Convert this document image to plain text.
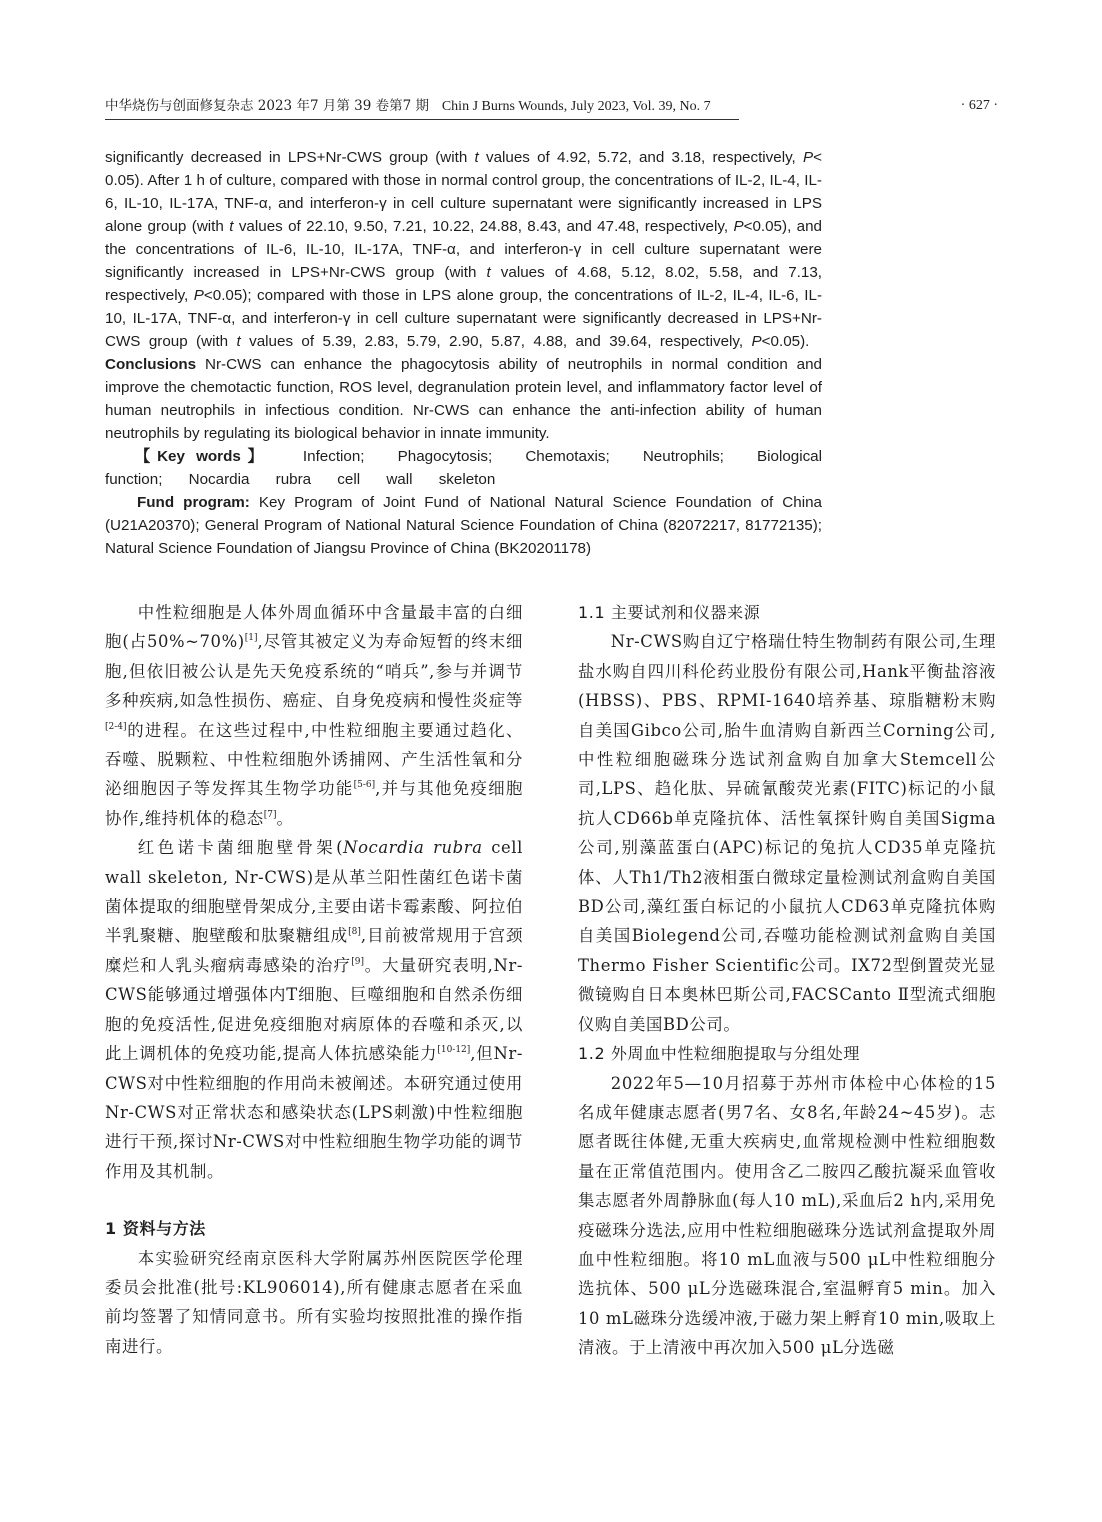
中华烧伤与创面修复杂志 2023 年7 月第 39 卷第7 期 Chin J Burns Wounds, July 2023, Vol. 39, No. 7	· 627 ·

significantly decreased in LPS+Nr-CWS group (with t values of 4.92, 5.72, and 3.18, respectively, P< 0.05). After 1 h of culture, compared with those in normal control group, the concentrations of IL-2, IL-4, IL-6, IL-10, IL-17A, TNF-α, and interferon-γ in cell culture supernatant were significantly increased in LPS alone group (with t values of 22.10, 9.50, 7.21, 10.22, 24.88, 8.43, and 47.48, respectively, P<0.05), and the concentrations of IL-6, IL-10, IL-17A, TNF-α, and interferon-γ in cell culture supernatant were significantly increased in LPS+Nr-CWS group (with t values of 4.68, 5.12, 8.02, 5.58, and 7.13, respectively, P<0.05); compared with those in LPS alone group, the concentrations of IL-2, IL-4, IL-6, IL-10, IL-17A, TNF-α, and interferon-γ in cell culture supernatant were significantly decreased in LPS+Nr-CWS group (with t values of 5.39, 2.83, 5.79, 2.90, 5.87, 4.88, and 39.64, respectively, P<0.05).   Conclusions Nr-CWS can enhance the phagocytosis ability of neutrophils in normal condition and improve the chemotactic function, ROS level, degranulation protein level, and inflammatory factor level of human neutrophils in infectious condition. Nr-CWS can enhance the anti-infection ability of human neutrophils by regulating its biological behavior in innate immunity.

【Key words】 Infection; Phagocytosis; Chemotaxis; Neutrophils; Biological function; Nocardia rubra cell wall skeleton

Fund program: Key Program of Joint Fund of National Natural Science Foundation of China (U21A20370); General Program of National Natural Science Foundation of China (82072217, 81772135); Natural Science Foundation of Jiangsu Province of China (BK20201178)

中性粒细胞是人体外周血循环中含量最丰富的白细胞(占50%~70%)[1],尽管其被定义为寿命短暂的终末细胞,但依旧被公认是先天免疫系统的“哨兵”,参与并调节多种疾病,如急性损伤、癌症、自身免疫病和慢性炎症等[2-4]的进程。在这些过程中,中性粒细胞主要通过趋化、吞噬、脱颗粒、中性粒细胞外诱捕网、产生活性氧和分泌细胞因子等发挥其生物学功能[5-6],并与其他免疫细胞协作,维持机体的稳态[7]。

红色诺卡菌细胞壁骨架(Nocardia rubra cell wall skeleton, Nr-CWS)是从革兰阳性菌红色诺卡菌菌体提取的细胞壁骨架成分,主要由诺卡霉素酸、阿拉伯半乳聚糖、胞壁酸和肽聚糖组成[8],目前被常规用于宫颈糜烂和人乳头瘤病毒感染的治疗[9]。大量研究表明,Nr-CWS能够通过增强体内T细胞、巨噬细胞和自然杀伤细胞的免疫活性,促进免疫细胞对病原体的吞噬和杀灭,以此上调机体的免疫功能,提高人体抗感染能力[10-12],但Nr-CWS对中性粒细胞的作用尚未被阐述。本研究通过使用Nr-CWS对正常状态和感染状态(LPS刺激)中性粒细胞进行干预,探讨Nr-CWS对中性粒细胞生物学功能的调节作用及其机制。

1 资料与方法

本实验研究经南京医科大学附属苏州医院医学伦理委员会批准(批号:KL906014),所有健康志愿者在采血前均签署了知情同意书。所有实验均按照批准的操作指南进行。

1.1 主要试剂和仪器来源

Nr-CWS购自辽宁格瑞仕特生物制药有限公司,生理盐水购自四川科伦药业股份有限公司,Hank平衡盐溶液(HBSS)、PBS、RPMI-1640培养基、琼脂糖粉末购自美国Gibco公司,胎牛血清购自新西兰Corning公司,中性粒细胞磁珠分选试剂盒购自加拿大Stemcell公司,LPS、趋化肽、异硫氰酸荧光素(FITC)标记的小鼠抗人CD66b单克隆抗体、活性氧探针购自美国Sigma公司,别藻蓝蛋白(APC)标记的兔抗人CD35单克隆抗体、人Th1/Th2液相蛋白微球定量检测试剂盒购自美国BD公司,藻红蛋白标记的小鼠抗人CD63单克隆抗体购自美国Biolegend公司,吞噬功能检测试剂盒购自美国Thermo Fisher Scientific公司。IX72型倒置荧光显微镜购自日本奥林巴斯公司,FACSCanto Ⅱ型流式细胞仪购自美国BD公司。

1.2 外周血中性粒细胞提取与分组处理

2022年5—10月招募于苏州市体检中心体检的15名成年健康志愿者(男7名、女8名,年龄24~45岁)。志愿者既往体健,无重大疾病史,血常规检测中性粒细胞数量在正常值范围内。使用含乙二胺四乙酸抗凝采血管收集志愿者外周静脉血(每人10 mL),采血后2 h内,采用免疫磁珠分选法,应用中性粒细胞磁珠分选试剂盒提取外周血中性粒细胞。将10 mL血液与500 μL中性粒细胞分选抗体、500 μL分选磁珠混合,室温孵育5 min。加入10 mL磁珠分选缓冲液,于磁力架上孵育10 min,吸取上清液。于上清液中再次加入500 μL分选磁
